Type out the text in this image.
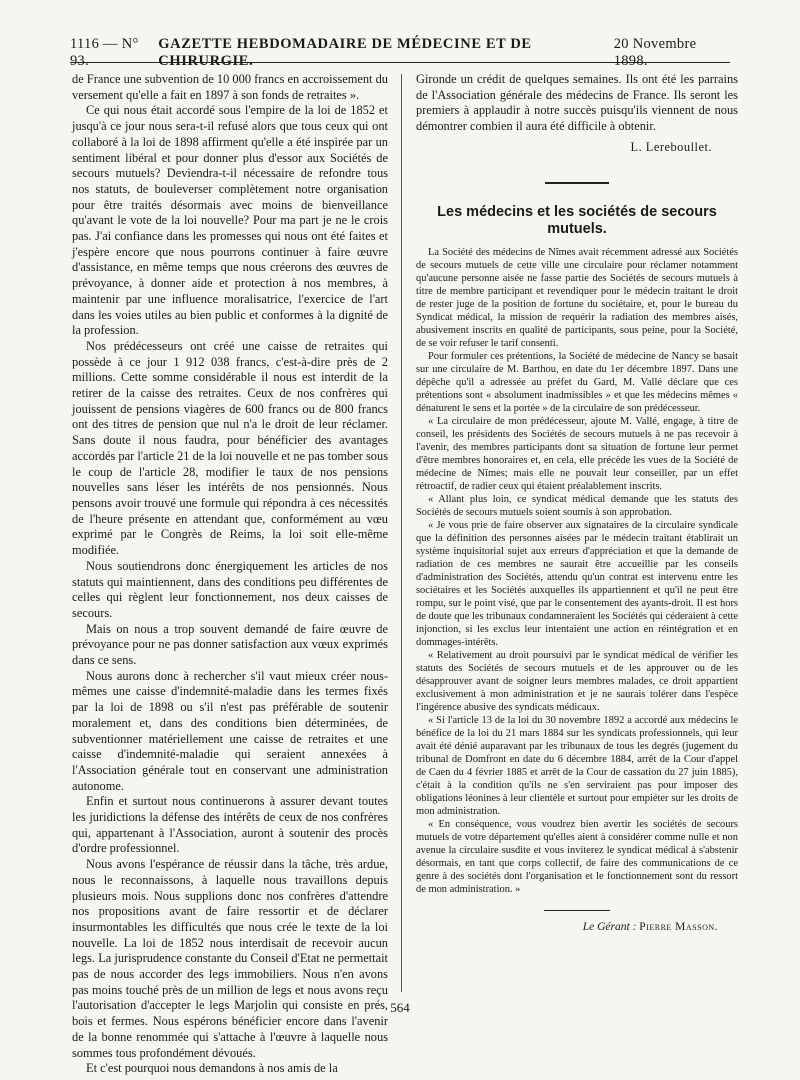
1116 — N° 93.
GAZETTE HEBDOMADAIRE DE MÉDECINE ET DE CHIRURGIE.
20 Novembre 1898.

de France une subvention de 10 000 francs en accroissement du versement qu'elle a fait en 1897 à son fonds de retraites ».

Ce qui nous était accordé sous l'empire de la loi de 1852 et jusqu'à ce jour nous sera-t-il refusé alors que tous ceux qui ont collaboré à la loi de 1898 affirment qu'elle a été inspirée par un sentiment libéral et pour donner plus d'essor aux Sociétés de secours mutuels? Deviendra-t-il nécessaire de refondre tous nos statuts, de bouleverser complètement notre organisation pour être traités désormais avec moins de bienveillance qu'avant le vote de la loi nouvelle? Pour ma part je ne le crois pas. J'ai confiance dans les promesses qui nous ont été faites et j'espère encore que nous pourrons continuer à faire œuvre d'assistance, en même temps que nous créerons des œuvres de prévoyance, à donner aide et protection à nos membres, à maintenir par une influence moralisatrice, l'exercice de l'art dans les voies utiles au bien public et conformes à la dignité de la profession.

Nos prédécesseurs ont créé une caisse de retraites qui possède à ce jour 1 912 038 francs, c'est-à-dire près de 2 millions. Cette somme considérable il nous est interdit de la retirer de la caisse des retraites. Ceux de nos confrères qui jouissent de pensions viagères de 600 francs ou de 800 francs ont des titres de pension que nul n'a le droit de leur réclamer. Sans doute il nous faudra, pour bénéficier des avantages accordés par l'article 21 de la loi nouvelle et ne pas tomber sous le coup de l'article 28, modifier le taux de nos pensions nouvelles sans léser les intérêts de nos pensionnés. Nous pensons avoir trouvé une formule qui répondra à ces nécessités de l'heure présente en attendant que, conformément au vœu exprimé par le Congrès de Reims, la loi soit elle-même modifiée.

Nous soutiendrons donc énergiquement les articles de nos statuts qui maintiennent, dans des conditions peu différentes de celles qui règlent leur fonctionnement, nos deux caisses de secours.

Mais on nous a trop souvent demandé de faire œuvre de prévoyance pour ne pas donner satisfaction aux vœux exprimés dans ce sens.

Nous aurons donc à rechercher s'il vaut mieux créer nous-mêmes une caisse d'indemnité-maladie dans les termes fixés par la loi de 1898 ou s'il n'est pas préférable de soutenir moralement et, dans des conditions bien déterminées, de subventionner matériellement une caisse de retraites et une caisse d'indemnité-maladie qui seraient annexées à l'Association générale tout en conservant une administration autonome.

Enfin et surtout nous continuerons à assurer devant toutes les juridictions la défense des intérêts de ceux de nos confrères qui, appartenant à l'Association, auront à soutenir des procès d'ordre professionnel.

Nous avons l'espérance de réussir dans la tâche, très ardue, nous le reconnaissons, à laquelle nous travaillons depuis plusieurs mois. Nous supplions donc nos confrères d'attendre nos propositions avant de faire ressortir et de déclarer insurmontables les difficultés que nous crée le texte de la loi nouvelle. La loi de 1852 nous interdisait de recevoir aucun legs. La jurisprudence constante du Conseil d'Etat ne permettait pas de nous accorder des legs immobiliers. Nous n'en avons pas moins touché près de un million de legs et nous avons reçu l'autorisation d'accepter le legs Marjolin qui consiste en prés, bois et fermes. Nous espérons bénéficier encore dans l'avenir de la bonne renommée qui s'attache à l'œuvre à laquelle nous sommes tous profondément dévoués.

Et c'est pourquoi nous demandons à nos amis de la

Gironde un crédit de quelques semaines. Ils ont été les parrains de l'Association générale des médecins de France. Ils seront les premiers à applaudir à notre succès puisqu'ils viennent de nous démontrer combien il aura été difficile à obtenir.

L. Lereboullet.
Les médecins et les sociétés de secours mutuels.

La Société des médecins de Nîmes avait récemment adressé aux Sociétés de secours mutuels de cette ville une circulaire pour réclamer notamment qu'aucune personne aisée ne fasse partie des Sociétés de secours mutuels à titre de membre participant et revendiquer pour le médecin traitant le droit de rester juge de la position de fortune du sociétaire, et, pour le bureau du Syndicat médical, la mission de requérir la radiation des membres aisés, abusivement inscrits en qualité de participants, sous peine, pour la Société, de se voir refuser le tarif consenti.

Pour formuler ces prétentions, la Société de médecine de Nancy se basait sur une circulaire de M. Barthou, en date du 1er décembre 1897. Dans une dépêche qu'il a adressée au préfet du Gard, M. Vallé déclare que ces prétentions sont « absolument inadmissibles » et que les médecins mêmes « dénaturent le sens et la portée » de la circulaire de son prédécesseur.

« La circulaire de mon prédécesseur, ajoute M. Vallé, engage, à titre de conseil, les présidents des Sociétés de secours mutuels à ne pas recevoir à l'avenir, des membres participants dont sa situation de fortune leur permet d'être membres honoraires et, en cela, elle précède les vues de la Société de médecine de Nîmes; mais elle ne pouvait leur conseiller, par un effet rétroactif, de radier ceux qui étaient préalablement inscrits.

« Allant plus loin, ce syndicat médical demande que les statuts des Sociétés de secours mutuels soient soumis à son approbation.

« Je vous prie de faire observer aux signataires de la circulaire syndicale que la définition des personnes aisées par le médecin traitant établirait un système inquisitorial sujet aux erreurs d'appréciation et que la demande de radiation de ces membres ne saurait être accueillie par les conseils d'administration des Sociétés, attendu qu'un contrat est intervenu entre les sociétaires et les Sociétés auxquelles ils appartiennent et qu'il ne peut être rompu, sur le point visé, que par le consentement des ayants-droit. Il est hors de doute que les tribunaux condamneraient les Sociétés qui céderaient à cette injonction, si les exclus leur intentaient une action en réintégration et en dommages-intérêts.

« Relativement au droit poursuivi par le syndicat médical de vérifier les statuts des Sociétés de secours mutuels et de les approuver ou de les désapprouver avant de soigner leurs membres malades, ce droit appartient exclusivement à mon administration et je ne saurais tolérer dans l'espèce l'ingérence abusive des syndicats médicaux.

« Si l'article 13 de la loi du 30 novembre 1892 a accordé aux médecins le bénéfice de la loi du 21 mars 1884 sur les syndicats professionnels, qui leur avait été dénié auparavant par les tribunaux de tous les degrés (jugement du tribunal de Domfront en date du 6 décembre 1884, arrêt de la Cour d'appel de Caen du 4 février 1885 et arrêt de la Cour de cassation du 27 juin 1885), c'était à la condition qu'ils ne s'en serviraient pas pour imposer des obligations léonines à leur clientèle et surtout pour empiéter sur les droits de mon administration.

« En conséquence, vous voudrez bien avertir les sociétés de secours mutuels de votre département qu'elles aient à considérer comme nulle et non avenue la circulaire susdite et vous inviterez le syndicat médical à s'abstenir désormais, en tant que corps collectif, de faire des communications de ce genre à des sociétés dont l'organisation et le fonctionnement sont du ressort de mon administration. »

Le Gérant : Pierre Masson.
564
